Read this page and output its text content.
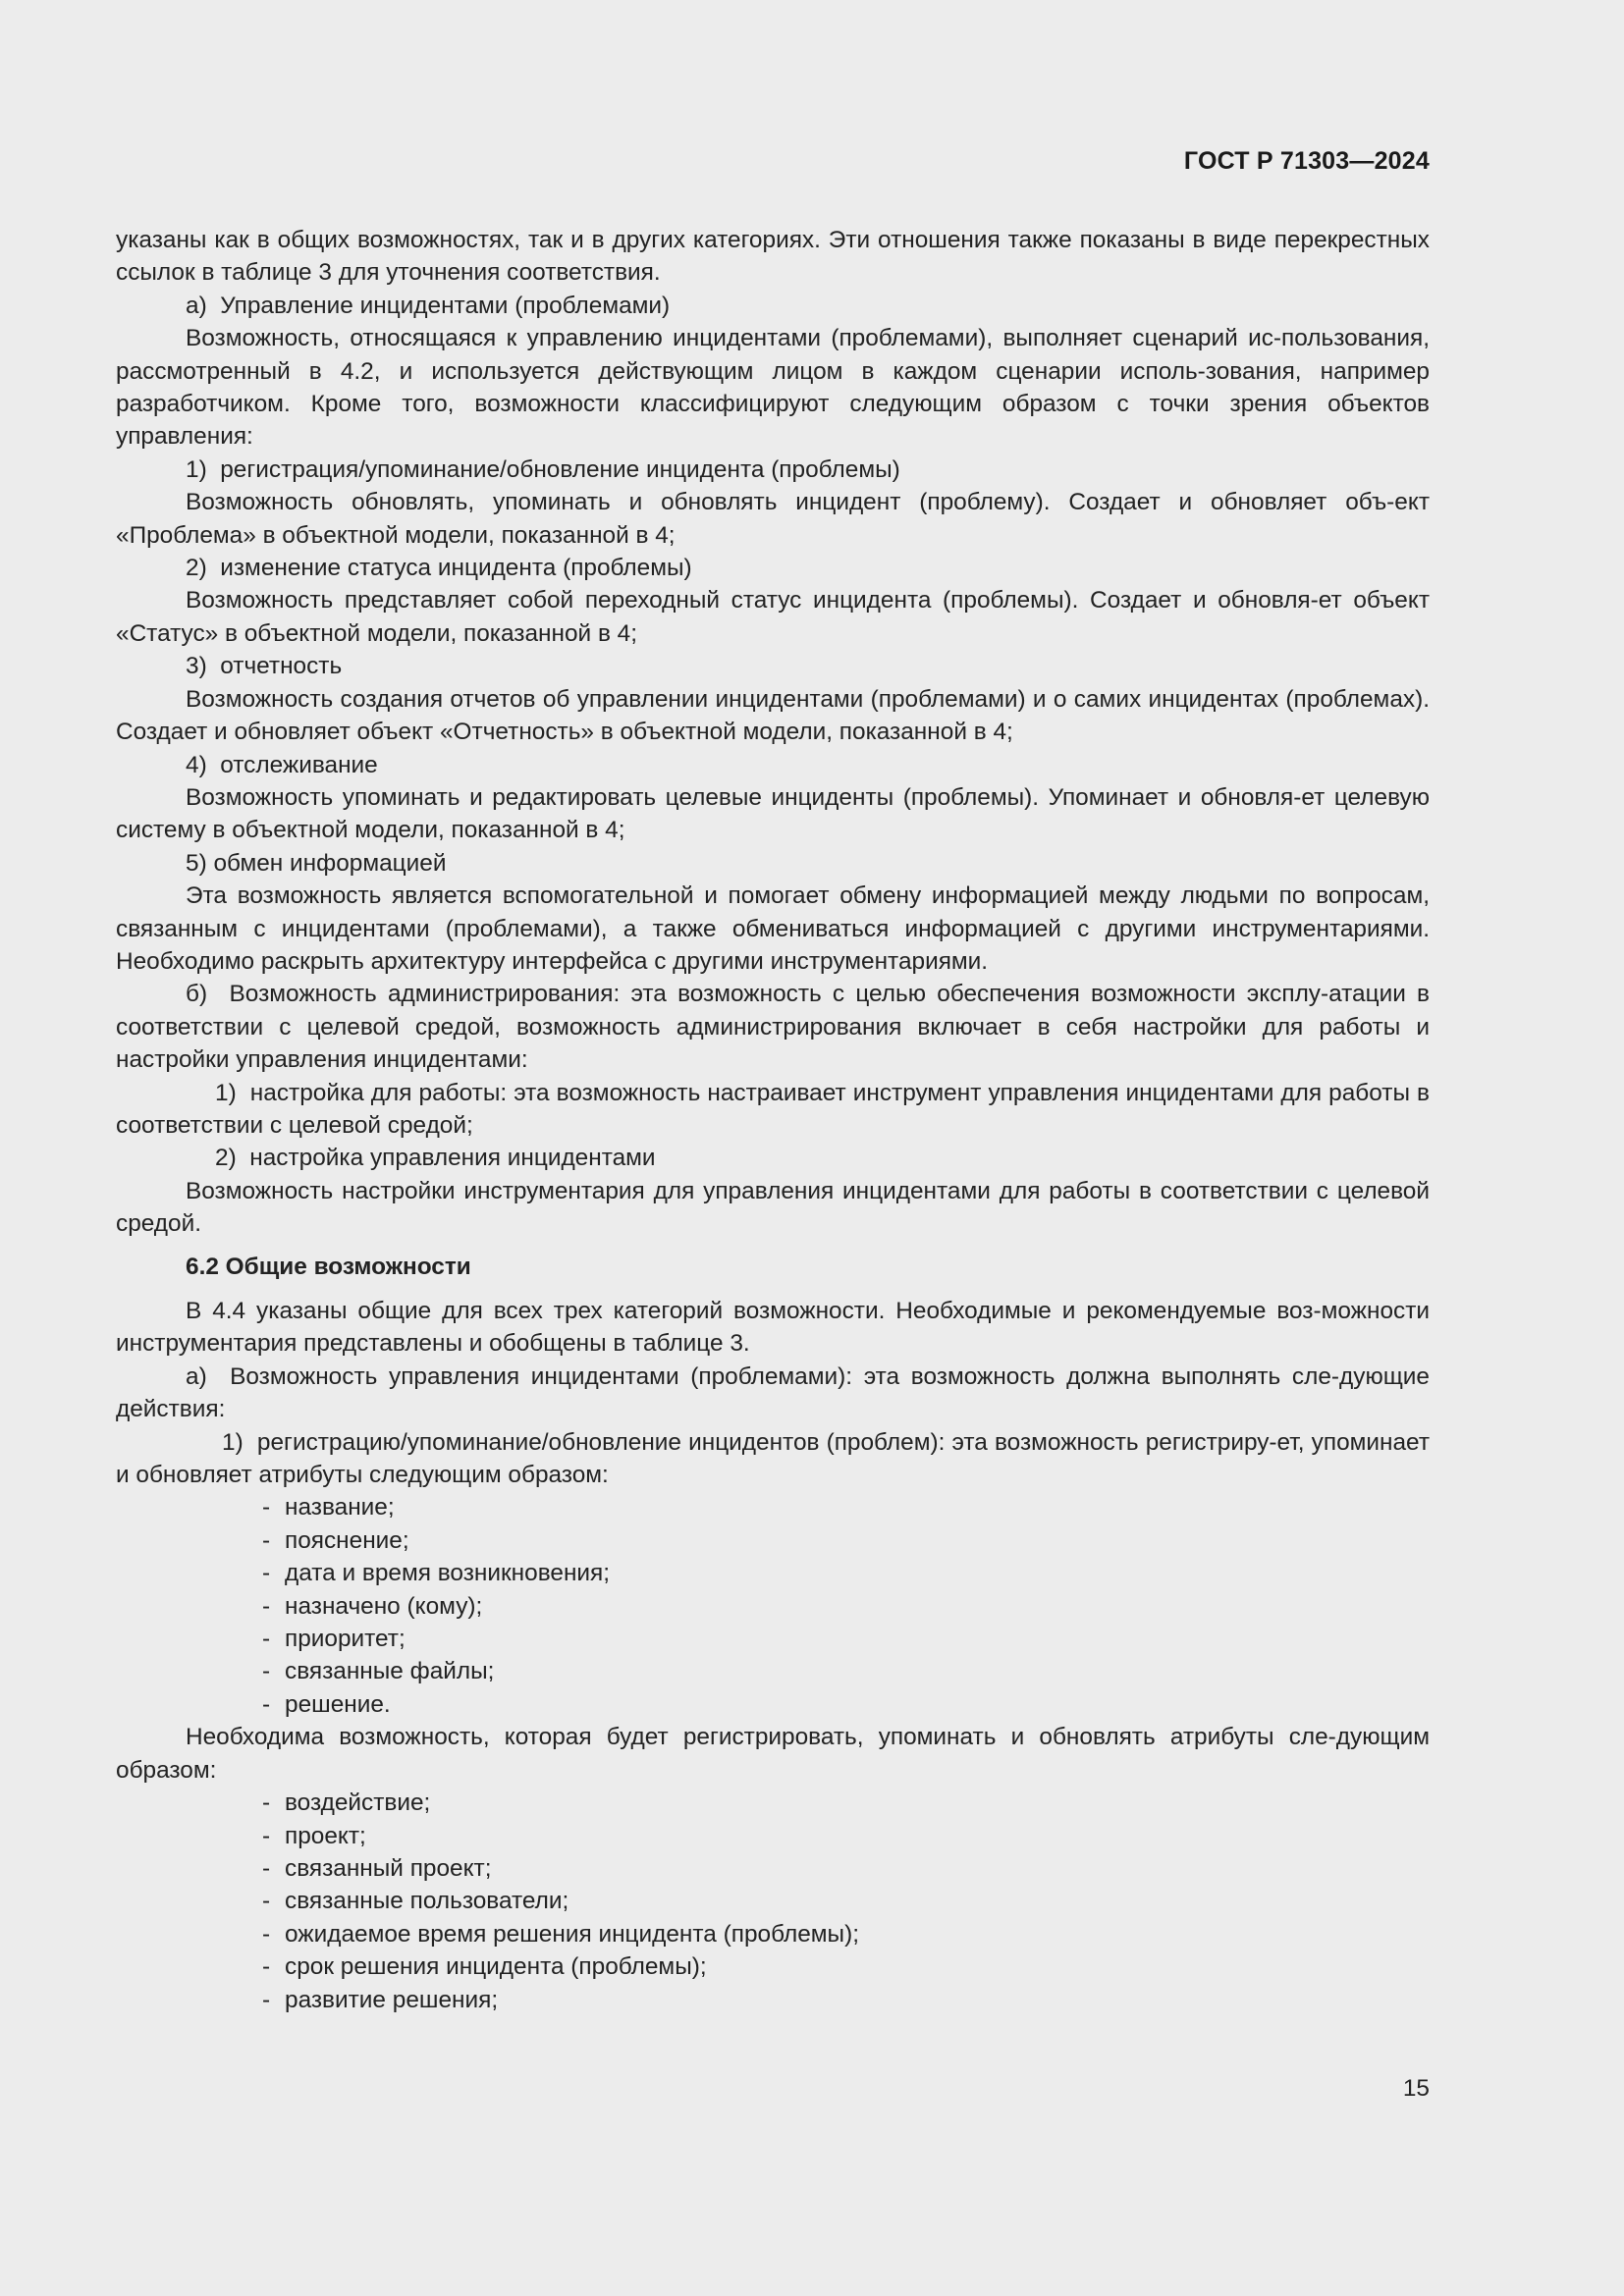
ГОСТ Р 71303—2024

указаны как в общих возможностях, так и в других категориях. Эти отношения также показаны в виде перекрестных ссылок в таблице 3 для уточнения соответствия.

а)  Управление инцидентами (проблемами)

Возможность, относящаяся к управлению инцидентами (проблемами), выполняет сценарий ис-пользования, рассмотренный в 4.2, и используется действующим лицом в каждом сценарии исполь-зования, например разработчиком. Кроме того, возможности классифицируют следующим образом с точки зрения объектов управления:

1)  регистрация/упоминание/обновление инцидента (проблемы)

Возможность обновлять, упоминать и обновлять инцидент (проблему). Создает и обновляет объ-ект «Проблема» в объектной модели, показанной в 4;

2)  изменение статуса инцидента (проблемы)

Возможность представляет собой переходный статус инцидента (проблемы). Создает и обновля-ет объект «Статус» в объектной модели, показанной в 4;

3)  отчетность

Возможность создания отчетов об управлении инцидентами (проблемами) и о самих инцидентах (проблемах). Создает и обновляет объект «Отчетность» в объектной модели, показанной в 4;

4)  отслеживание

Возможность упоминать и редактировать целевые инциденты (проблемы). Упоминает и обновля-ет целевую систему в объектной модели, показанной в 4;

5) обмен информацией

Эта возможность является вспомогательной и помогает обмену информацией между людьми по вопросам, связанным с инцидентами (проблемами), а также обмениваться информацией с другими инструментариями. Необходимо раскрыть архитектуру интерфейса с другими инструментариями.

б)  Возможность администрирования: эта возможность с целью обеспечения возможности эксплу-атации в соответствии с целевой средой, возможность администрирования включает в себя настройки для работы и настройки управления инцидентами:

1)  настройка для работы: эта возможность настраивает инструмент управления инцидентами для работы в соответствии с целевой средой;

2)  настройка управления инцидентами

Возможность настройки инструментария для управления инцидентами для работы в соответствии с целевой средой.

6.2 Общие возможности

В 4.4 указаны общие для всех трех категорий возможности. Необходимые и рекомендуемые воз-можности инструментария представлены и обобщены в таблице 3.

а)  Возможность управления инцидентами (проблемами): эта возможность должна выполнять сле-дующие действия:

1)  регистрацию/упоминание/обновление инцидентов (проблем): эта возможность регистриру-ет, упоминает и обновляет атрибуты следующим образом:

- название;

- пояснение;

- дата и время возникновения;

- назначено (кому);

- приоритет;

- связанные файлы;

- решение.

Необходима возможность, которая будет регистрировать, упоминать и обновлять атрибуты сле-дующим образом:

- воздействие;

- проект;

- связанный проект;

- связанные пользователи;

- ожидаемое время решения инцидента (проблемы);

- срок решения инцидента (проблемы);

- развитие решения;

15
